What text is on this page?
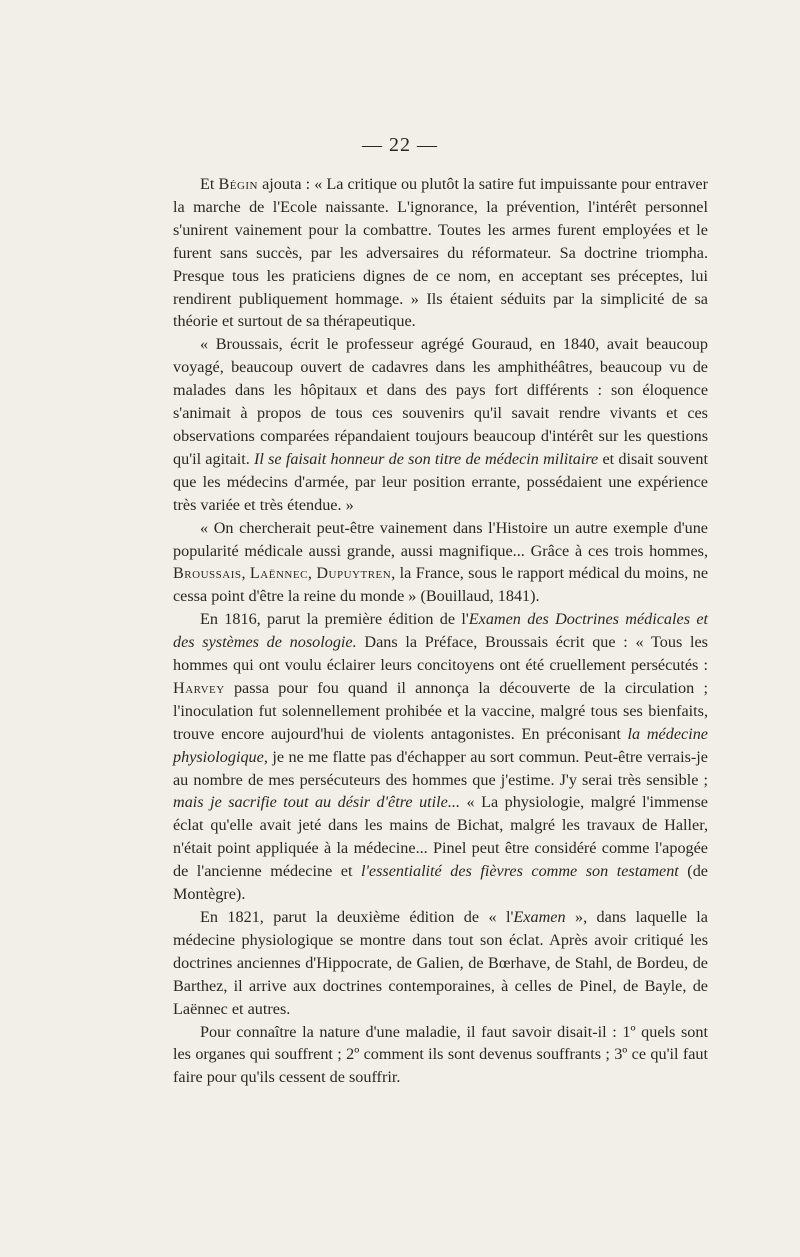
— 22 —

Et Bégin ajouta : « La critique ou plutôt la satire fut impuissante pour entraver la marche de l'Ecole naissante. L'ignorance, la prévention, l'intérêt personnel s'unirent vainement pour la combattre. Toutes les armes furent employées et le furent sans succès, par les adversaires du réformateur. Sa doctrine triompha. Presque tous les praticiens dignes de ce nom, en acceptant ses préceptes, lui rendirent publiquement hommage. » Ils étaient séduits par la simplicité de sa théorie et surtout de sa thérapeutique.

« Broussais, écrit le professeur agrégé Gouraud, en 1840, avait beaucoup voyagé, beaucoup ouvert de cadavres dans les amphithéâtres, beaucoup vu de malades dans les hôpitaux et dans des pays fort différents : son éloquence s'animait à propos de tous ces souvenirs qu'il savait rendre vivants et ces observations comparées répandaient toujours beaucoup d'intérêt sur les questions qu'il agitait. Il se faisait honneur de son titre de médecin militaire et disait souvent que les médecins d'armée, par leur position errante, possédaient une expérience très variée et très étendue. »

« On chercherait peut-être vainement dans l'Histoire un autre exemple d'une popularité médicale aussi grande, aussi magnifique... Grâce à ces trois hommes, Broussais, Laënnec, Dupuytren, la France, sous le rapport médical du moins, ne cessa point d'être la reine du monde » (Bouillaud, 1841).

En 1816, parut la première édition de l'Examen des Doctrines médicales et des systèmes de nosologie. Dans la Préface, Broussais écrit que : « Tous les hommes qui ont voulu éclairer leurs concitoyens ont été cruellement persécutés : Harvey passa pour fou quand il annonça la découverte de la circulation ; l'inoculation fut solennellement prohibée et la vaccine, malgré tous ses bienfaits, trouve encore aujourd'hui de violents antagonistes. En préconisant la médecine physiologique, je ne me flatte pas d'échapper au sort commun. Peut-être verrais-je au nombre de mes persécuteurs des hommes que j'estime. J'y serai très sensible ; mais je sacrifie tout au désir d'être utile... « La physiologie, malgré l'immense éclat qu'elle avait jeté dans les mains de Bichat, malgré les travaux de Haller, n'était point appliquée à la médecine... Pinel peut être considéré comme l'apogée de l'ancienne médecine et l'essentialité des fièvres comme son testament (de Montègre).

En 1821, parut la deuxième édition de « l'Examen », dans laquelle la médecine physiologique se montre dans tout son éclat. Après avoir critiqué les doctrines anciennes d'Hippocrate, de Galien, de Bœrhave, de Stahl, de Bordeu, de Barthez, il arrive aux doctrines contemporaines, à celles de Pinel, de Bayle, de Laënnec et autres.

Pour connaître la nature d'une maladie, il faut savoir disait-il : 1º quels sont les organes qui souffrent ; 2º comment ils sont devenus souffrants ; 3º ce qu'il faut faire pour qu'ils cessent de souffrir.
